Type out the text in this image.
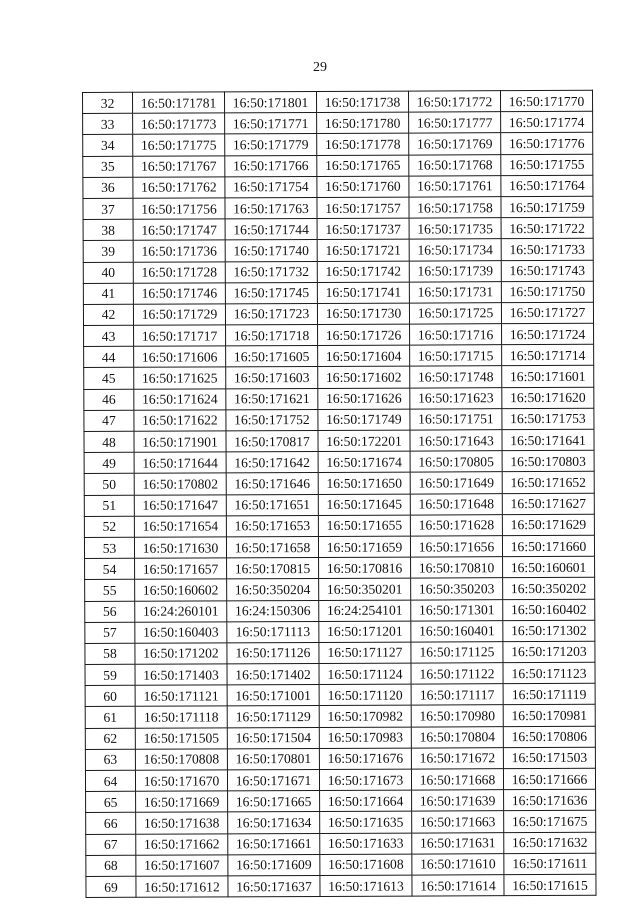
29
32	16:50:171781	16:50:171801	16:50:171738	16:50:171772	16:50:171770
33	16:50:171773	16:50:171771	16:50:171780	16:50:171777	16:50:171774
34	16:50:171775	16:50:171779	16:50:171778	16:50:171769	16:50:171776
35	16:50:171767	16:50:171766	16:50:171765	16:50:171768	16:50:171755
36	16:50:171762	16:50:171754	16:50:171760	16:50:171761	16:50:171764
37	16:50:171756	16:50:171763	16:50:171757	16:50:171758	16:50:171759
38	16:50:171747	16:50:171744	16:50:171737	16:50:171735	16:50:171722
39	16:50:171736	16:50:171740	16:50:171721	16:50:171734	16:50:171733
40	16:50:171728	16:50:171732	16:50:171742	16:50:171739	16:50:171743
41	16:50:171746	16:50:171745	16:50:171741	16:50:171731	16:50:171750
42	16:50:171729	16:50:171723	16:50:171730	16:50:171725	16:50:171727
43	16:50:171717	16:50:171718	16:50:171726	16:50:171716	16:50:171724
44	16:50:171606	16:50:171605	16:50:171604	16:50:171715	16:50:171714
45	16:50:171625	16:50:171603	16:50:171602	16:50:171748	16:50:171601
46	16:50:171624	16:50:171621	16:50:171626	16:50:171623	16:50:171620
47	16:50:171622	16:50:171752	16:50:171749	16:50:171751	16:50:171753
48	16:50:171901	16:50:170817	16:50:172201	16:50:171643	16:50:171641
49	16:50:171644	16:50:171642	16:50:171674	16:50:170805	16:50:170803
50	16:50:170802	16:50:171646	16:50:171650	16:50:171649	16:50:171652
51	16:50:171647	16:50:171651	16:50:171645	16:50:171648	16:50:171627
52	16:50:171654	16:50:171653	16:50:171655	16:50:171628	16:50:171629
53	16:50:171630	16:50:171658	16:50:171659	16:50:171656	16:50:171660
54	16:50:171657	16:50:170815	16:50:170816	16:50:170810	16:50:160601
55	16:50:160602	16:50:350204	16:50:350201	16:50:350203	16:50:350202
56	16:24:260101	16:24:150306	16:24:254101	16:50:171301	16:50:160402
57	16:50:160403	16:50:171113	16:50:171201	16:50:160401	16:50:171302
58	16:50:171202	16:50:171126	16:50:171127	16:50:171125	16:50:171203
59	16:50:171403	16:50:171402	16:50:171124	16:50:171122	16:50:171123
60	16:50:171121	16:50:171001	16:50:171120	16:50:171117	16:50:171119
61	16:50:171118	16:50:171129	16:50:170982	16:50:170980	16:50:170981
62	16:50:171505	16:50:171504	16:50:170983	16:50:170804	16:50:170806
63	16:50:170808	16:50:170801	16:50:171676	16:50:171672	16:50:171503
64	16:50:171670	16:50:171671	16:50:171673	16:50:171668	16:50:171666
65	16:50:171669	16:50:171665	16:50:171664	16:50:171639	16:50:171636
66	16:50:171638	16:50:171634	16:50:171635	16:50:171663	16:50:171675
67	16:50:171662	16:50:171661	16:50:171633	16:50:171631	16:50:171632
68	16:50:171607	16:50:171609	16:50:171608	16:50:171610	16:50:171611
69	16:50:171612	16:50:171637	16:50:171613	16:50:171614	16:50:171615
